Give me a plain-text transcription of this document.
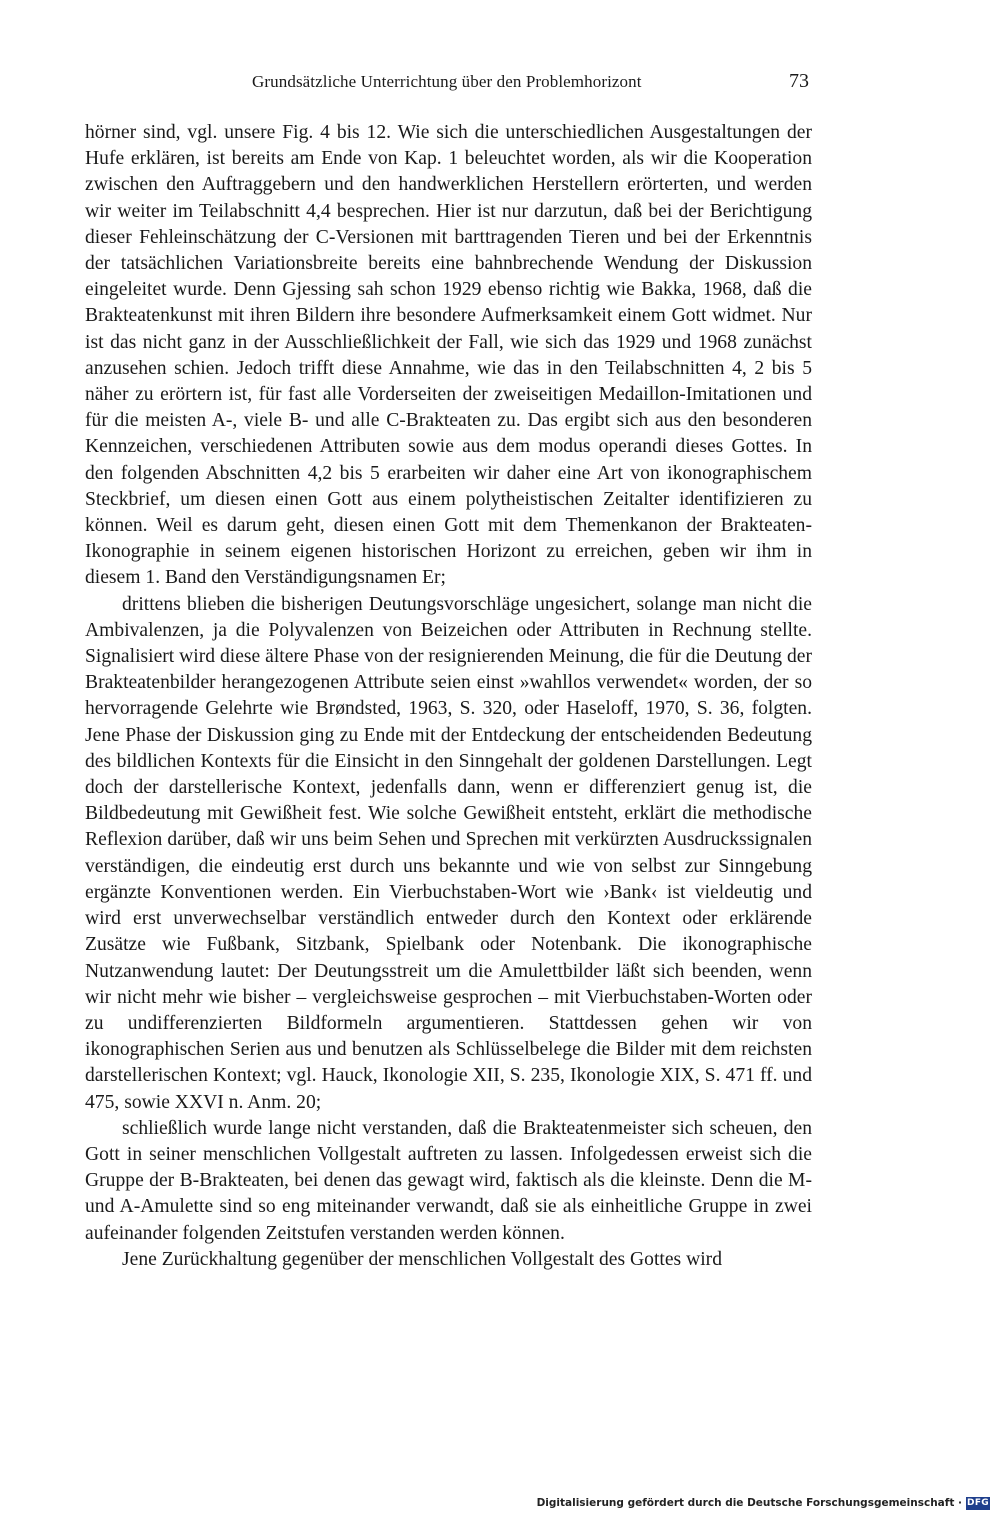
Grundsätzliche Unterrichtung über den Problemhorizont	73

hörner sind, vgl. unsere Fig. 4 bis 12. Wie sich die unterschiedlichen Ausgestaltungen der Hufe erklären, ist bereits am Ende von Kap. 1 beleuchtet worden, als wir die Kooperation zwischen den Auftraggebern und den handwerklichen Herstellern erörterten, und werden wir weiter im Teilabschnitt 4,4 besprechen. Hier ist nur darzutun, daß bei der Berichtigung dieser Fehleinschätzung der C-Versionen mit barttragenden Tieren und bei der Erkenntnis der tatsächlichen Variationsbreite bereits eine bahnbrechende Wendung der Diskussion eingeleitet wurde. Denn Gjessing sah schon 1929 ebenso richtig wie Bakka, 1968, daß die Brakteatenkunst mit ihren Bildern ihre besondere Aufmerksamkeit einem Gott widmet. Nur ist das nicht ganz in der Ausschließlichkeit der Fall, wie sich das 1929 und 1968 zunächst anzusehen schien. Jedoch trifft diese Annahme, wie das in den Teilabschnitten 4, 2 bis 5 näher zu erörtern ist, für fast alle Vorderseiten der zweiseitigen Medaillon-Imitationen und für die meisten A-, viele B- und alle C-Brakteaten zu. Das ergibt sich aus den besonderen Kennzeichen, verschiedenen Attributen sowie aus dem modus operandi dieses Gottes. In den folgenden Abschnitten 4,2 bis 5 erarbeiten wir daher eine Art von ikonographischem Steckbrief, um diesen einen Gott aus einem polytheistischen Zeitalter identifizieren zu können. Weil es darum geht, diesen einen Gott mit dem Themenkanon der Brakteaten-Ikonographie in seinem eigenen historischen Horizont zu erreichen, geben wir ihm in diesem 1. Band den Verständigungsnamen Er;

drittens blieben die bisherigen Deutungsvorschläge ungesichert, solange man nicht die Ambivalenzen, ja die Polyvalenzen von Beizeichen oder Attributen in Rechnung stellte. Signalisiert wird diese ältere Phase von der resignierenden Meinung, die für die Deutung der Brakteatenbilder herangezogenen Attribute seien einst »wahllos verwendet« worden, der so hervorragende Gelehrte wie Brøndsted, 1963, S. 320, oder Haseloff, 1970, S. 36, folgten. Jene Phase der Diskussion ging zu Ende mit der Entdeckung der entscheidenden Bedeutung des bildlichen Kontexts für die Einsicht in den Sinngehalt der goldenen Darstellungen. Legt doch der darstellerische Kontext, jedenfalls dann, wenn er differenziert genug ist, die Bildbedeutung mit Gewißheit fest. Wie solche Gewißheit entsteht, erklärt die methodische Reflexion darüber, daß wir uns beim Sehen und Sprechen mit verkürzten Ausdruckssignalen verständigen, die eindeutig erst durch uns bekannte und wie von selbst zur Sinngebung ergänzte Konventionen werden. Ein Vierbuchstaben-Wort wie ›Bank‹ ist vieldeutig und wird erst unverwechselbar verständlich entweder durch den Kontext oder erklärende Zusätze wie Fußbank, Sitzbank, Spielbank oder Notenbank. Die ikonographische Nutzanwendung lautet: Der Deutungsstreit um die Amulettbilder läßt sich beenden, wenn wir nicht mehr wie bisher – vergleichsweise gesprochen – mit Vierbuchstaben-Worten oder zu undifferenzierten Bildformeln argumentieren. Stattdessen gehen wir von ikonographischen Serien aus und benutzen als Schlüsselbelege die Bilder mit dem reichsten darstellerischen Kontext; vgl. Hauck, Ikonologie XII, S. 235, Ikonologie XIX, S. 471 ff. und 475, sowie XXVI n. Anm. 20;

schließlich wurde lange nicht verstanden, daß die Brakteatenmeister sich scheuen, den Gott in seiner menschlichen Vollgestalt auftreten zu lassen. Infolgedessen erweist sich die Gruppe der B-Brakteaten, bei denen das gewagt wird, faktisch als die kleinste. Denn die M- und A-Amulette sind so eng miteinander verwandt, daß sie als einheitliche Gruppe in zwei aufeinander folgenden Zeitstufen verstanden werden können.

Jene Zurückhaltung gegenüber der menschlichen Vollgestalt des Gottes wird

Digitalisierung gefördert durch die Deutsche Forschungsgemeinschaft · DFG
